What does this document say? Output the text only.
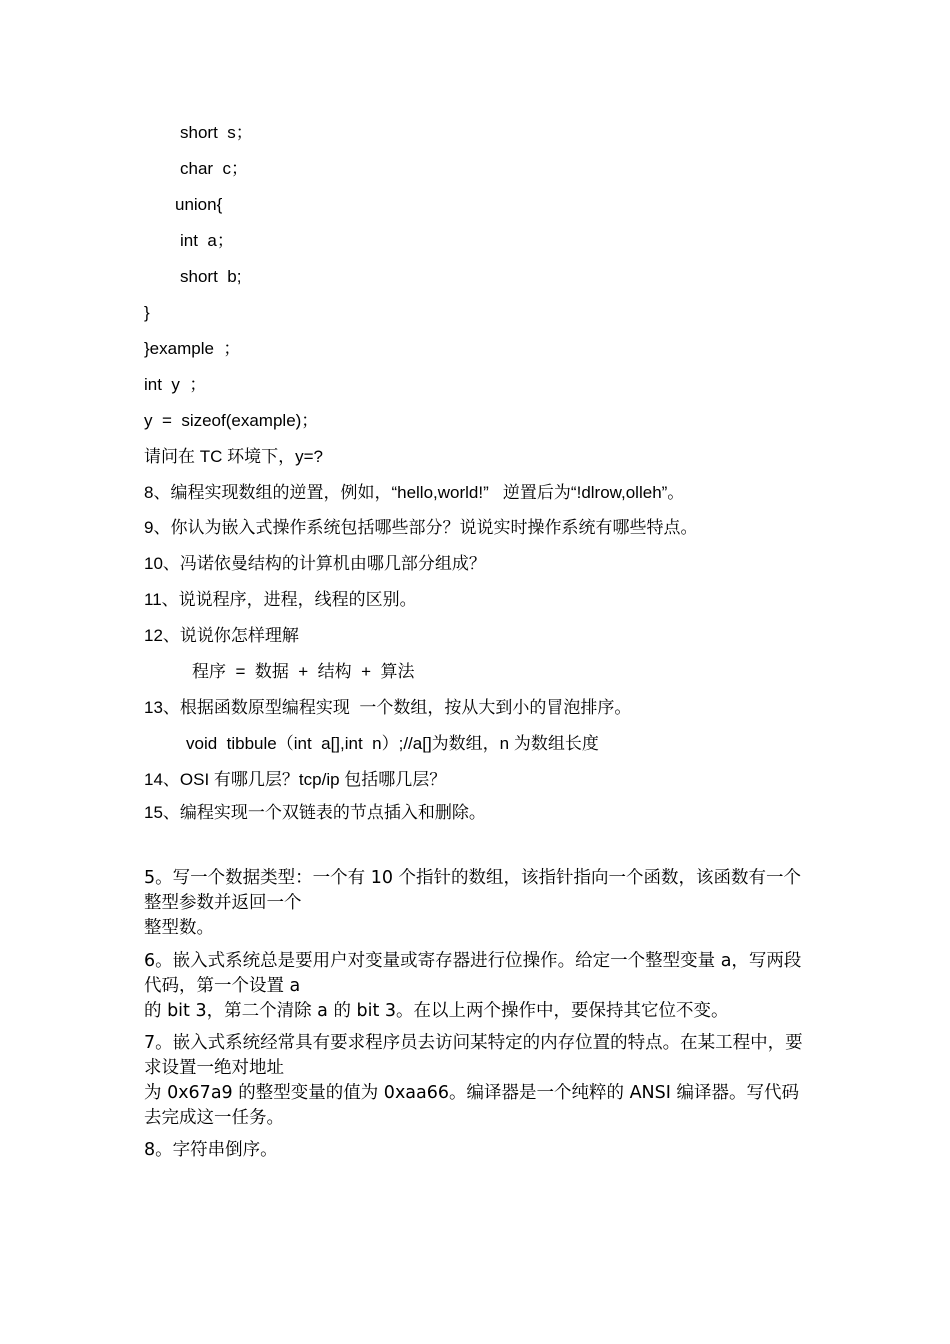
short  s；
char  c；
union{
int  a；
short  b;
}
}example  ；
int  y  ；
y  =  sizeof(example)；
请问在 TC 环境下，y=?
8、编程实现数组的逆置，例如，“hello,world!”   逆置后为“!dlrow,olleh”。
9、你认为嵌入式操作系统包括哪些部分？说说实时操作系统有哪些特点。
10、冯诺依曼结构的计算机由哪几部分组成？
11、说说程序，进程，线程的区别。
12、说说你怎样理解
程序  =  数据  +  结构  +  算法
13、根据函数原型编程实现  一个数组，按从大到小的冒泡排序。
void  tibbule（int  a[],int  n）;//a[]为数组，n 为数组长度
14、OSI 有哪几层？tcp/ip 包括哪几层？
15、编程实现一个双链表的节点插入和删除。
5。写一个数据类型：一个有 10 个指针的数组，该指针指向一个函数，该函数有一个整型参数并返回一个
整型数。
6。嵌入式系统总是要用户对变量或寄存器进行位操作。给定一个整型变量 a，写两段代码，第一个设置 a
的 bit 3，第二个清除 a 的 bit 3。在以上两个操作中，要保持其它位不变。
7。嵌入式系统经常具有要求程序员去访问某特定的内存位置的特点。在某工程中，要求设置一绝对地址
为 0x67a9 的整型变量的值为 0xaa66。编译器是一个纯粹的 ANSI 编译器。写代码去完成这一任务。
8。字符串倒序。
